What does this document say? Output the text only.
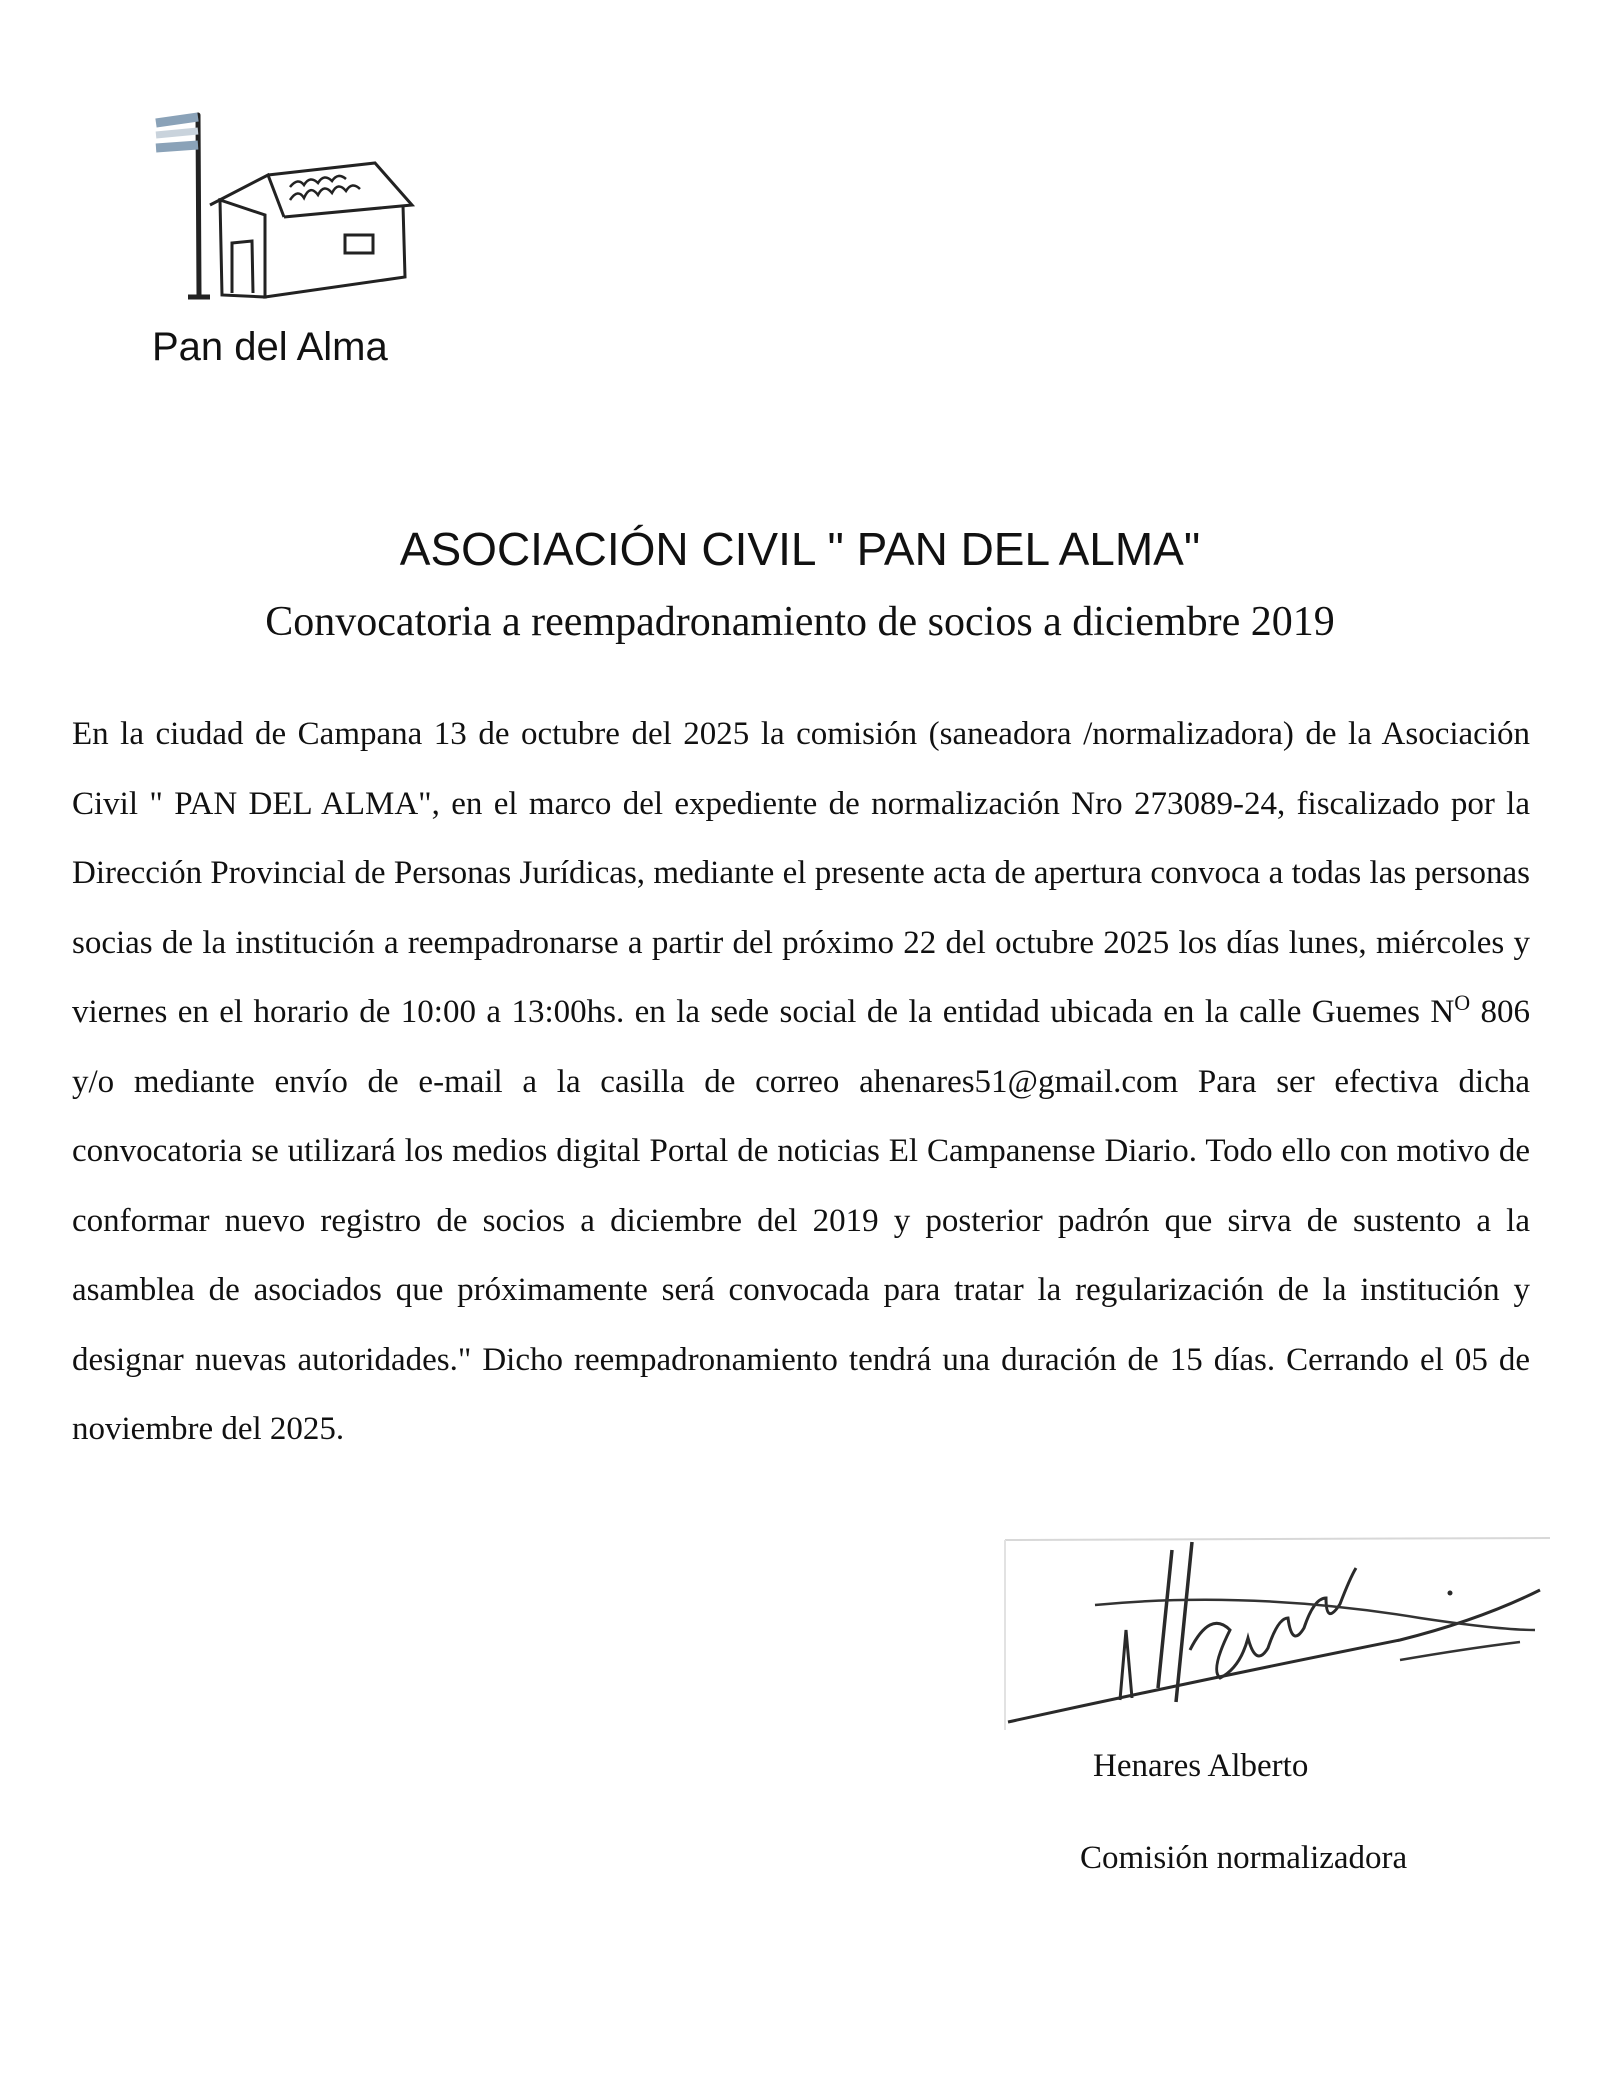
Pan del Alma
ASOCIACIÓN CIVIL " PAN DEL ALMA"
Convocatoria a reempadronamiento de socios a diciembre 2019

En la ciudad de Campana 13 de octubre del 2025 la comisión (saneadora /normalizadora) de la Asociación Civil " PAN DEL ALMA", en el marco del expediente de normalización Nro 273089-24, fiscalizado por la Dirección Provincial de Personas Jurídicas, mediante el presente acta de apertura convoca a todas las personas socias de la institución a reempadronarse a partir del próximo 22 del octubre 2025 los días lunes, miércoles y viernes en el horario de 10:00 a 13:00hs. en la sede social de la entidad ubicada en la calle Guemes $N^O$ 806 y/o mediante envío de e-mail a la casilla de correo ahenares51@gmail.com Para ser efectiva dicha convocatoria se utilizará los medios digital Portal de noticias El Campanense Diario. Todo ello con motivo de conformar nuevo registro de socios a diciembre del 2019 y posterior padrón que sirva de sustento a la asamblea de asociados que próximamente será convocada para tratar la regularización de la institución y designar nuevas autoridades." Dicho reempadronamiento tendrá una duración de 15 días. Cerrando el 05 de noviembre del 2025.

Henares Alberto
Comisión normalizadora
